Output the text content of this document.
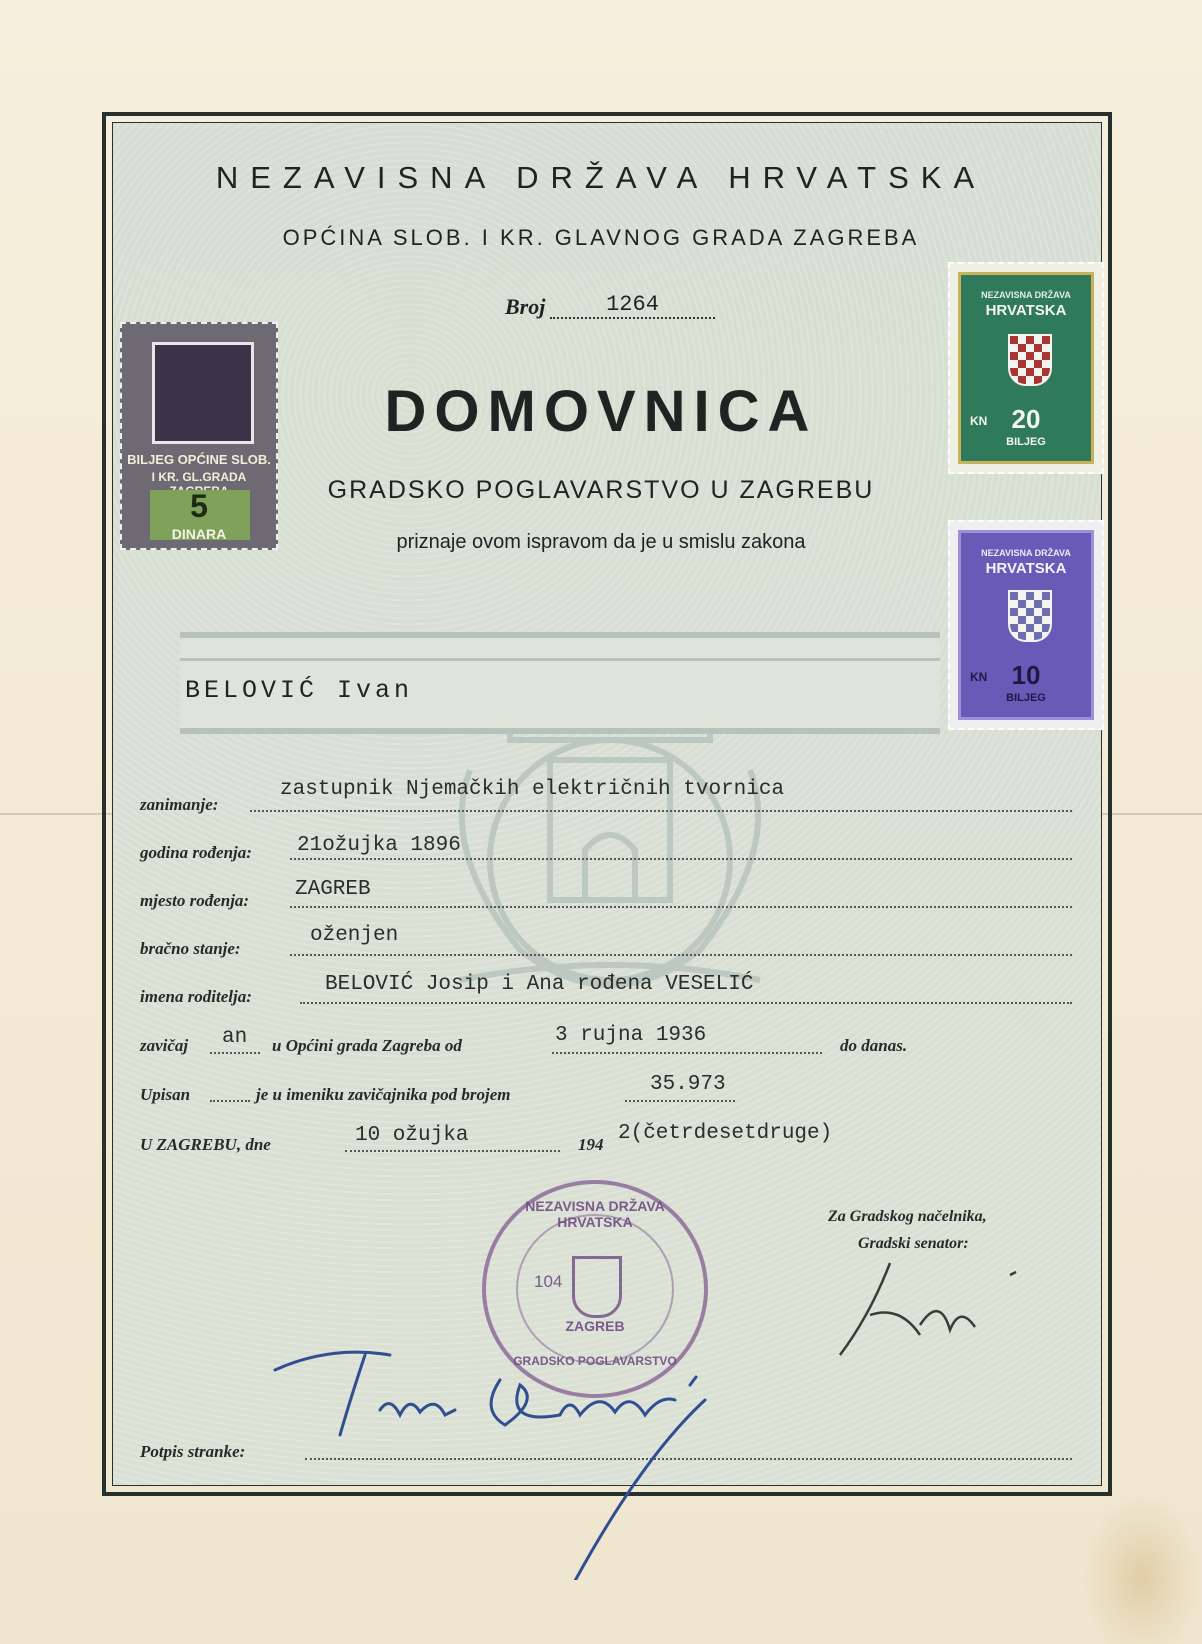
NEZAVISNA DRŽAVA HRVATSKA
OPĆINA SLOB. I KR. GLAVNOG GRADA ZAGREBA
Broj	1264
DOMOVNICA
GRADSKO POGLAVARSTVO U ZAGREBU
priznaje ovom ispravom da je u smislu zakona
BILJEG OPĆINE SLOB.
I KR. GL.GRADA
5
DINARA
NEZAVISNA DRŽAVA
HRVATSKA
20
KN
BILJEG
NEZAVISNA DRŽAVA
HRVATSKA
10
KN
BILJEG
BELOVIĆ Ivan
zanimanje:
zastupnik Njemačkih električnih tvornica
godina rođenja: 21ožujka 1896
mjesto rođenja: ZAGREB
bračno stanje:
oženjen
imena roditelja:
BELOVIĆ Josip i Ana rođena VESELIĆ
zavičaj an u Općini grada Zagreba od	3 rujna 1936	do danas.
Upisan	je u imeniku zavičajnika pod brojem	35.973
U ZAGREBU, dne	10 ožujka	194 2(četrdesetdruge)
Za Gradskog načelnika,
Gradski senator:
NEZAVISNA DRŽAVA HRVATSKA
104
ZAGREB
GRADSKO POGLAVARSTVO
Potpis stranke:
